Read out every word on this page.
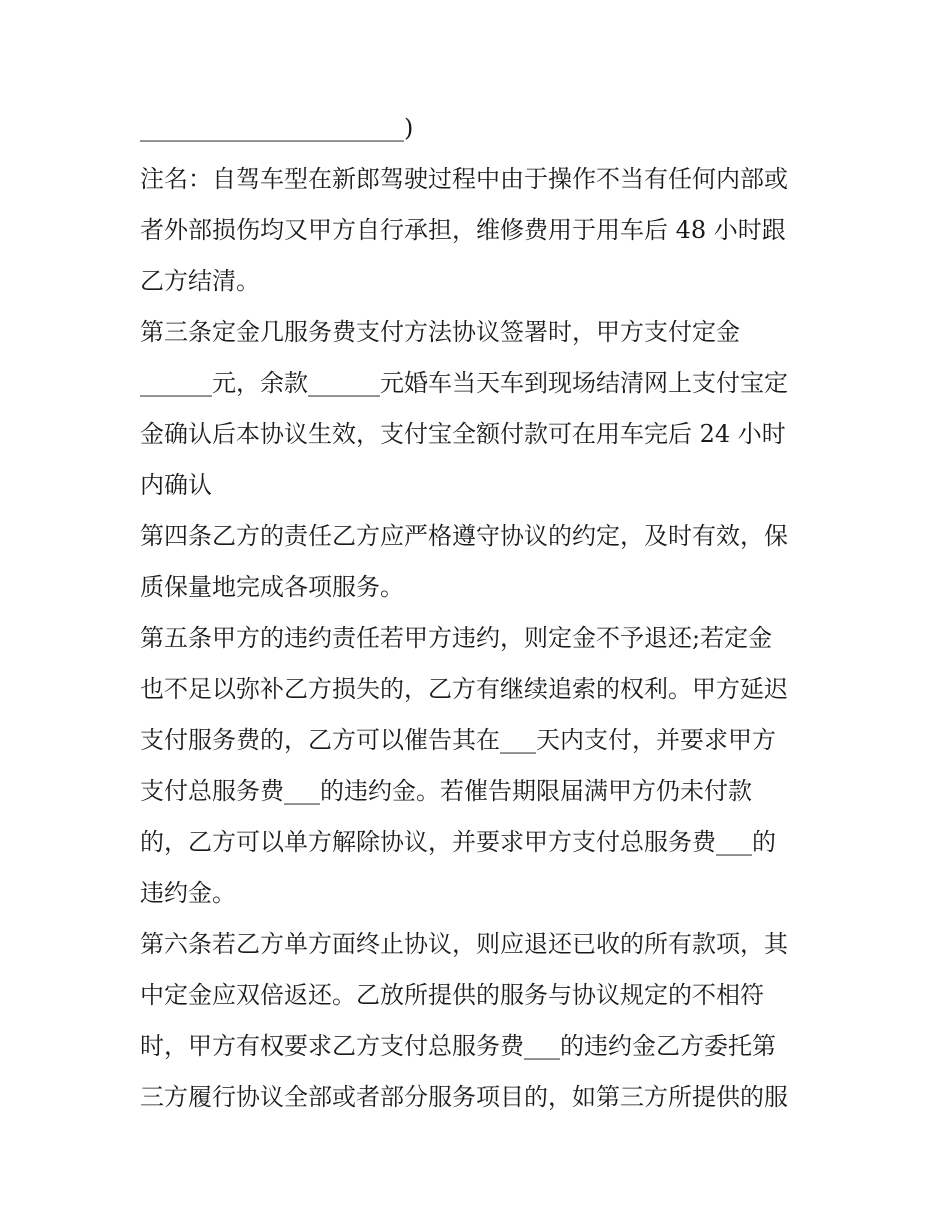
______________________)
注名：自驾车型在新郎驾驶过程中由于操作不当有任何内部或
者外部损伤均又甲方自行承担，维修费用于用车后 48 小时跟
乙方结清。
第三条定金几服务费支付方法协议签署时，甲方支付定金
______元，余款______元婚车当天车到现场结清网上支付宝定
金确认后本协议生效，支付宝全额付款可在用车完后 24 小时
内确认
第四条乙方的责任乙方应严格遵守协议的约定，及时有效，保
质保量地完成各项服务。
第五条甲方的违约责任若甲方违约，则定金不予退还;若定金
也不足以弥补乙方损失的，乙方有继续追索的权利。甲方延迟
支付服务费的，乙方可以催告其在___天内支付，并要求甲方
支付总服务费___的违约金。若催告期限届满甲方仍未付款
的，乙方可以单方解除协议，并要求甲方支付总服务费___的
违约金。
第六条若乙方单方面终止协议，则应退还已收的所有款项，其
中定金应双倍返还。乙放所提供的服务与协议规定的不相符
时，甲方有权要求乙方支付总服务费___的违约金乙方委托第
三方履行协议全部或者部分服务项目的，如第三方所提供的服
